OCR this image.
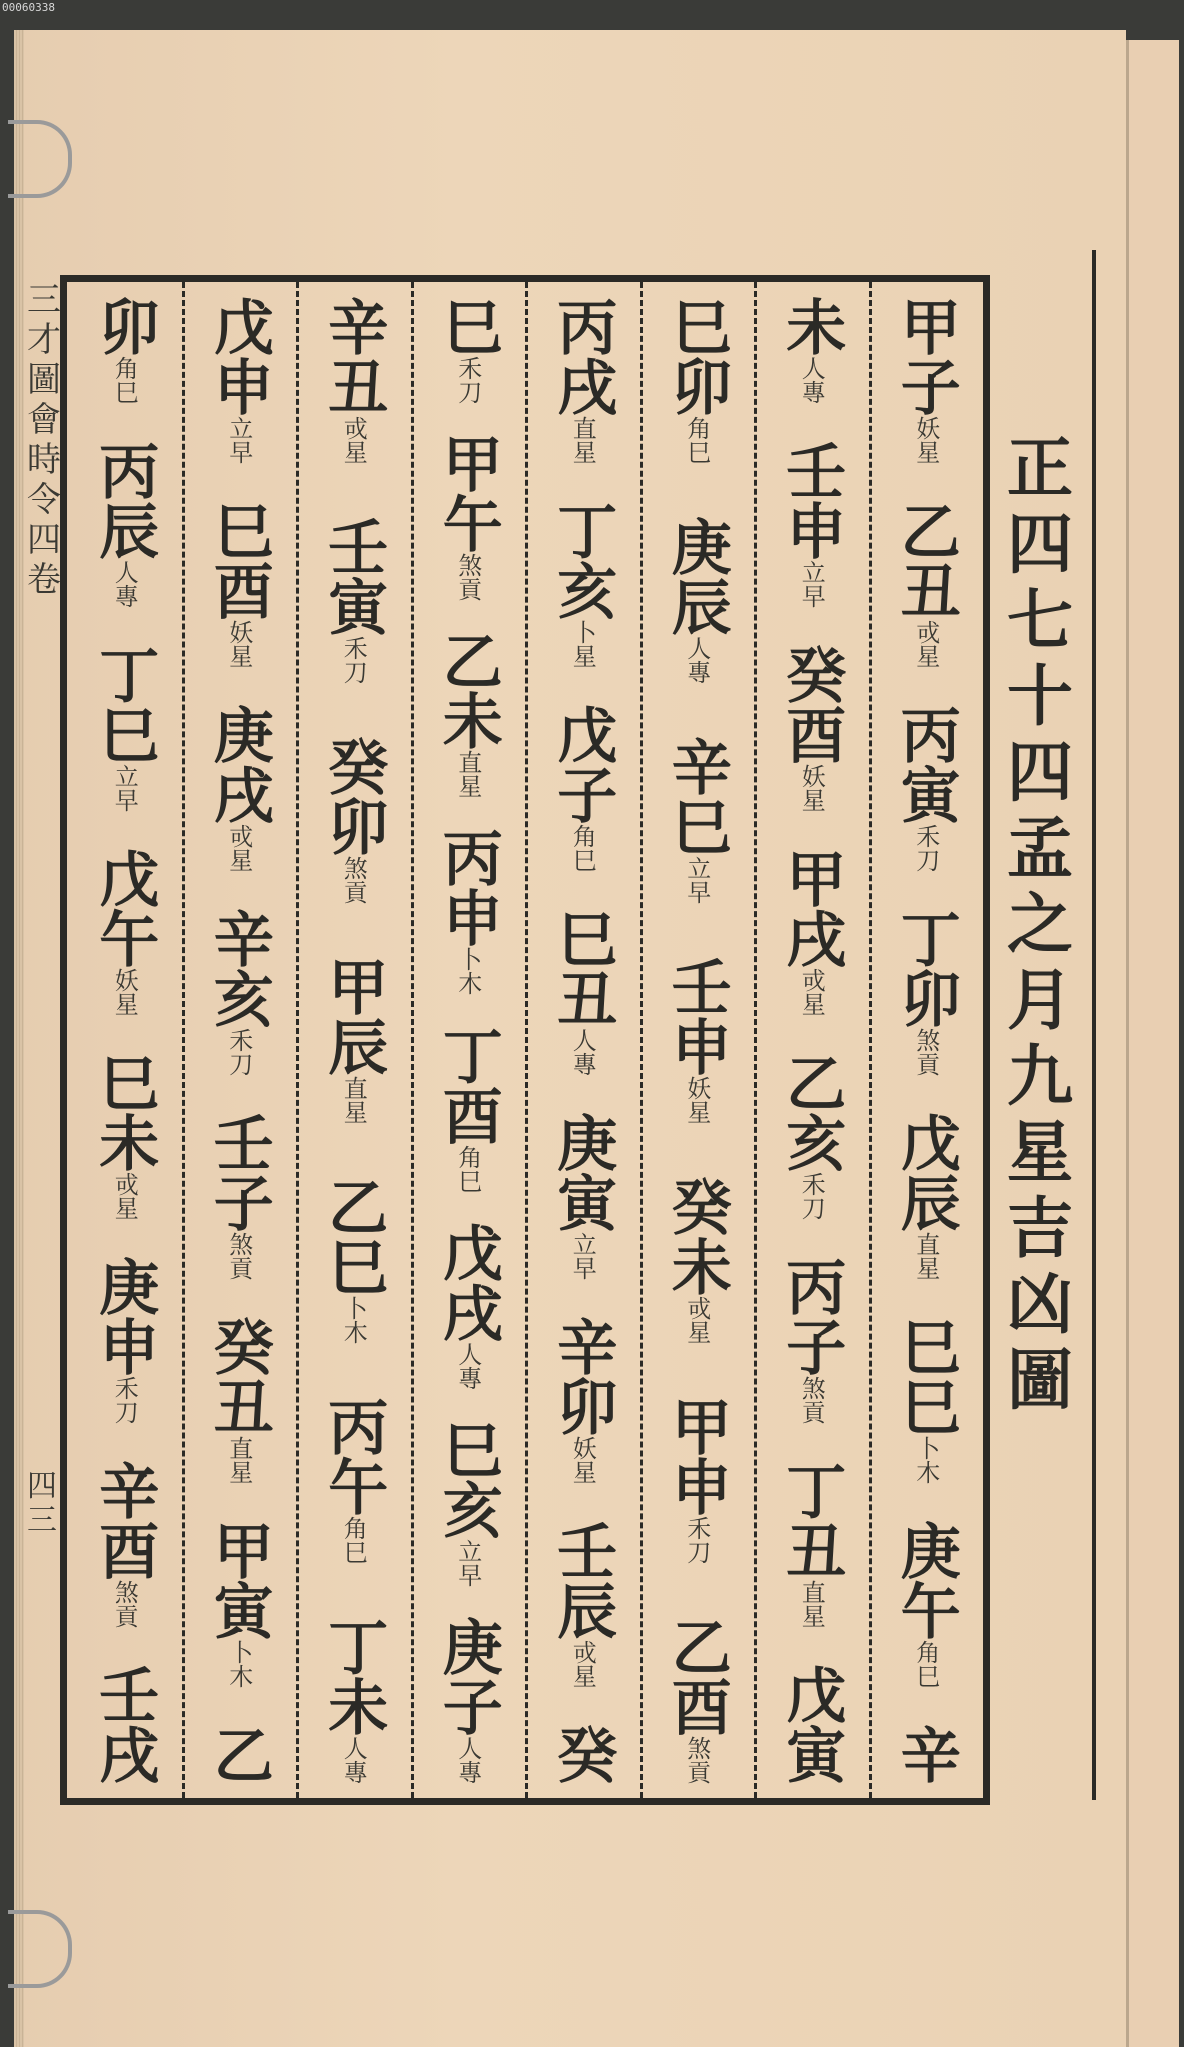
00060338
三
才
圖
會
時
令
四
卷
四
三
甲子
妖星
乙丑
戓星
丙寅
禾刀
丁卯
煞貢
戊辰
直星
巳巳
卜木
庚午
角巳
辛
未
人專
壬申
立早
癸酉
妖星
甲戌
戓星
乙亥
禾刀
丙子
煞貢
丁丑
直星
戊寅
巳卯
角巳
庚辰
人專
辛巳
立早
壬申
妖星
癸未
戓星
甲申
禾刀
乙酉
煞貢
丙戌
直星
丁亥
卜星
戊子
角巳
巳丑
人專
庚寅
立早
辛卯
妖星
壬辰
戓星
癸
巳
禾刀
甲午
煞貢
乙未
直星
丙申
卜木
丁酉
角巳
戊戌
人專
巳亥
立早
庚子
人專
辛丑
戓星
壬寅
禾刀
癸卯
煞貢
甲辰
直星
乙巳
卜木
丙午
角巳
丁未
人專
戊申
立早
巳酉
妖星
庚戌
戓星
辛亥
禾刀
壬子
煞貢
癸丑
直星
甲寅
卜木
乙
卯
角巳
丙辰
人專
丁巳
立早
戊午
妖星
巳未
戓星
庚申
禾刀
辛酉
煞貢
壬戌
正
四
七
十
四
孟
之
月
九
星
吉
凶
圖
